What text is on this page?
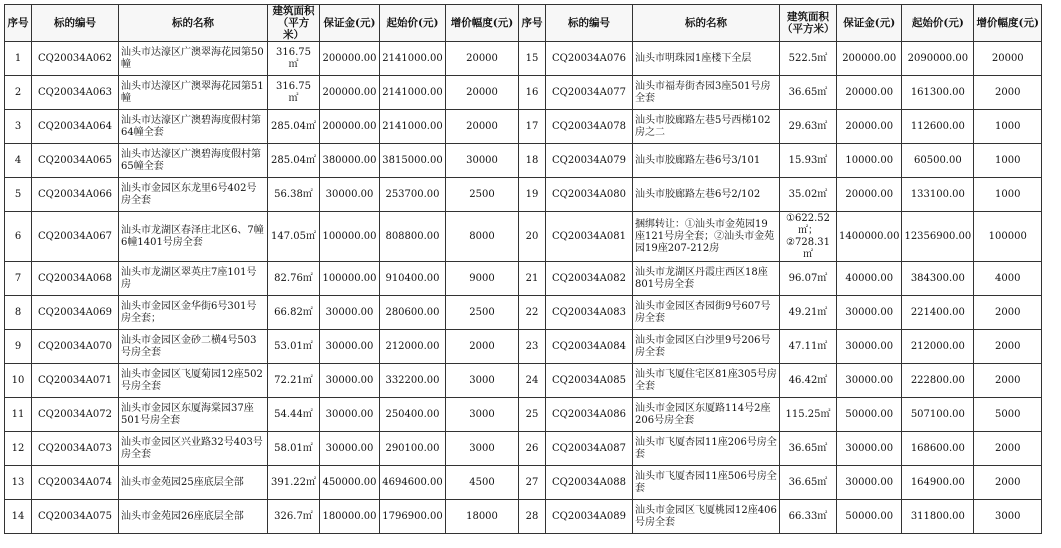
序号	标的编号	标的名称	建筑面积（平方米）	保证金(元)	起始价(元)	增价幅度(元)	序号	标的编号	标的名称	建筑面积（平方米）	保证金(元)	起始价(元)	增价幅度(元)
1	CQ20034A062	汕头市达濠区广澳翠海花园第50幢	316.75 ㎡	200000.00	2141000.00	20000	15	CQ20034A076	汕头市明珠园1座楼下全层	522.5㎡	200000.00	2090000.00	20000
2	CQ20034A063	汕头市达濠区广澳翠海花园第51幢	316.75 ㎡	200000.00	2141000.00	20000	16	CQ20034A077	汕头市福寿街杏园3座501号房全套	36.65㎡	20000.00	161300.00	2000
3	CQ20034A064	汕头市达濠区广澳碧海度假村第64幢全套	285.04㎡	200000.00	2141000.00	20000	17	CQ20034A078	汕头市胶廊路左巷5号西梯102房之二	29.63㎡	20000.00	112600.00	1000
4	CQ20034A065	汕头市达濠区广澳碧海度假村第65幢全套	285.04㎡	380000.00	3815000.00	30000	18	CQ20034A079	汕头市胶廊路左巷6号3/101	15.93㎡	10000.00	60500.00	1000
5	CQ20034A066	汕头市金园区东龙里6号402号房全套	56.38㎡	30000.00	253700.00	2500	19	CQ20034A080	汕头市胶廊路左巷6号2/102	35.02㎡	20000.00	133100.00	1000
6	CQ20034A067	汕头市龙湖区春泽庄北区6、7幢6幢1401号房全套	147.05㎡	100000.00	808800.00	8000	20	CQ20034A081	捆绑转让：①汕头市金苑园19座121号房全套；②汕头市金苑园19座207-212房	①622.52㎡；②728.31㎡	1400000.00	12356900.00	100000
7	CQ20034A068	汕头市龙湖区翠英庄7座101号房	82.76㎡	100000.00	910400.00	9000	21	CQ20034A082	汕头市龙湖区丹霞庄西区18座801号房全套	96.07㎡	40000.00	384300.00	4000
8	CQ20034A069	汕头市金园区金华街6号301号房全套；	66.82㎡	30000.00	280600.00	2500	22	CQ20034A083	汕头市金园区杏园街9号607号房全套	49.21㎡	30000.00	221400.00	2000
9	CQ20034A070	汕头市金园区金砂二横4号503号房全套	53.01㎡	30000.00	212000.00	2000	23	CQ20034A084	汕头市金园区白沙里9号206号房全套	47.11㎡	30000.00	212000.00	2000
10	CQ20034A071	汕头市金园区飞厦菊园12座502号房全套	72.21㎡	30000.00	332200.00	3000	24	CQ20034A085	汕头市飞厦住宅区81座305号房全套	46.42㎡	30000.00	222800.00	2000
11	CQ20034A072	汕头市金园区东厦海棠园37座501号房全套	54.44㎡	30000.00	250400.00	3000	25	CQ20034A086	汕头市金园区东厦路114号2座206号房全套	115.25㎡	50000.00	507100.00	5000
12	CQ20034A073	汕头市金园区兴业路32号403号房全套	58.01㎡	30000.00	290100.00	3000	26	CQ20034A087	汕头市飞厦杏园11座206号房全套	36.65㎡	30000.00	168600.00	2000
13	CQ20034A074	汕头市金苑园25座底层全部	391.22㎡	450000.00	4694600.00	4500	27	CQ20034A088	汕头市飞厦杏园11座506号房全套	36.65㎡	30000.00	164900.00	2000
14	CQ20034A075	汕头市金苑园26座底层全部	326.7㎡	180000.00	1796900.00	18000	28	CQ20034A089	汕头市金园区飞厦桃园12座406号房全套	66.33㎡	50000.00	311800.00	3000
